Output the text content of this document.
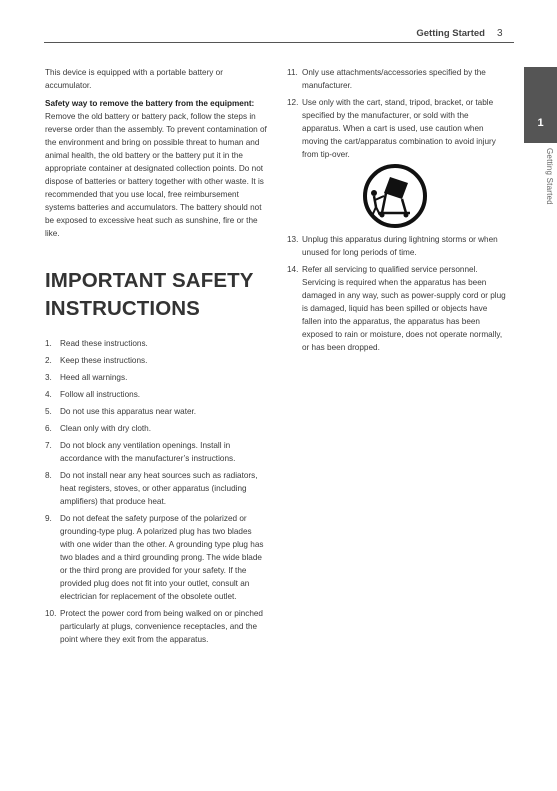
Getting Started 3
1
Getting Started

This device is equipped with a portable battery or accumulator.

Safety way to remove the battery from the equipment: Remove the old battery or battery pack, follow the steps in reverse order than the assembly. To prevent contamination of the environment and bring on possible threat to human and animal health, the old battery or the battery put it in the appropriate container at designated collection points. Do not dispose of batteries or battery together with other waste. It is recommended that you use local, free reimbursement systems batteries and accumulators. The battery should not be exposed to excessive heat such as sunshine, fire or the like.

IMPORTANT SAFETY
INSTRUCTIONS
1. Read these instructions.
2. Keep these instructions.
3. Heed all warnings.
4. Follow all instructions.
5. Do not use this apparatus near water.
6. Clean only with dry cloth.
7. Do not block any ventilation openings. Install in accordance with the manufacturer’s instructions.
8. Do not install near any heat sources such as radiators, heat registers, stoves, or other apparatus (including amplifiers) that produce heat.
9. Do not defeat the safety purpose of the polarized or grounding-type plug. A polarized plug has two blades with one wider than the other. A grounding type plug has two blades and a third grounding prong. The wide blade or the third prong are provided for your safety. If the provided plug does not fit into your outlet, consult an electrician for replacement of the obsolete outlet.
10. Protect the power cord from being walked on or pinched particularly at plugs, convenience receptacles, and the point where they exit from the apparatus.
11. Only use attachments/accessories specified by the manufacturer.
12. Use only with the cart, stand, tripod, bracket, or table specified by the manufacturer, or sold with the apparatus. When a cart is used, use caution when moving the cart/apparatus combination to avoid injury from tip-over.
13. Unplug this apparatus during lightning storms or when unused for long periods of time.
14. Refer all servicing to qualified service personnel. Servicing is required when the apparatus has been damaged in any way, such as power-supply cord or plug is damaged, liquid has been spilled or objects have fallen into the apparatus, the apparatus has been exposed to rain or moisture, does not operate normally, or has been dropped.
